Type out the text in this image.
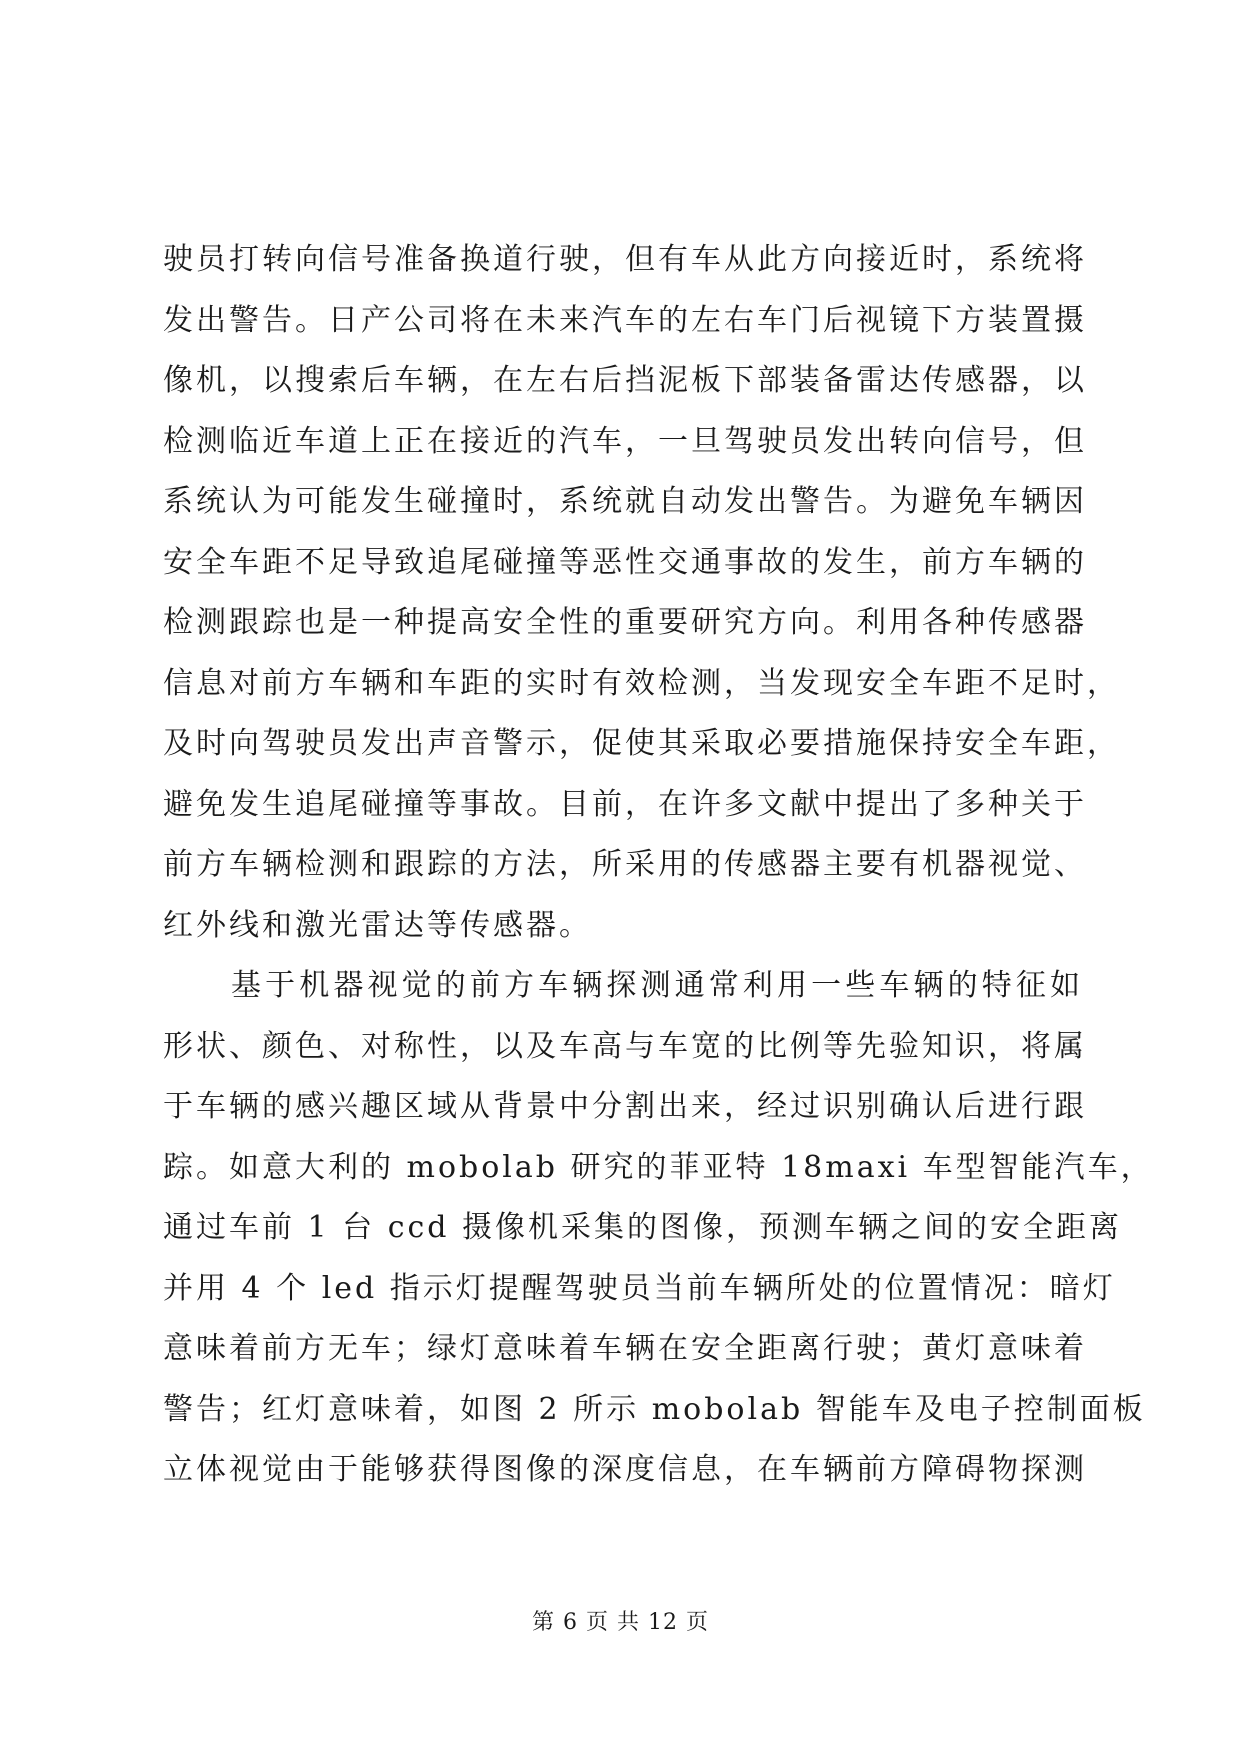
驶员打转向信号准备换道行驶，但有车从此方向接近时，系统将
发出警告。日产公司将在未来汽车的左右车门后视镜下方装置摄
像机，以搜索后车辆，在左右后挡泥板下部装备雷达传感器，以
检测临近车道上正在接近的汽车，一旦驾驶员发出转向信号，但
系统认为可能发生碰撞时，系统就自动发出警告。为避免车辆因
安全车距不足导致追尾碰撞等恶性交通事故的发生，前方车辆的
检测跟踪也是一种提高安全性的重要研究方向。利用各种传感器
信息对前方车辆和车距的实时有效检测，当发现安全车距不足时，
及时向驾驶员发出声音警示，促使其采取必要措施保持安全车距，
避免发生追尾碰撞等事故。目前，在许多文献中提出了多种关于
前方车辆检测和跟踪的方法，所采用的传感器主要有机器视觉、
红外线和激光雷达等传感器。
基于机器视觉的前方车辆探测通常利用一些车辆的特征如
形状、颜色、对称性，以及车高与车宽的比例等先验知识，将属
于车辆的感兴趣区域从背景中分割出来，经过识别确认后进行跟
踪。如意大利的 mobolab 研究的菲亚特 18maxi 车型智能汽车，
通过车前 1 台 ccd 摄像机采集的图像，预测车辆之间的安全距离
并用 4 个 led 指示灯提醒驾驶员当前车辆所处的位置情况：暗灯
意味着前方无车；绿灯意味着车辆在安全距离行驶；黄灯意味着
警告；红灯意味着，如图 2 所示 mobolab 智能车及电子控制面板
立体视觉由于能够获得图像的深度信息，在车辆前方障碍物探测
第 6 页 共 12 页
